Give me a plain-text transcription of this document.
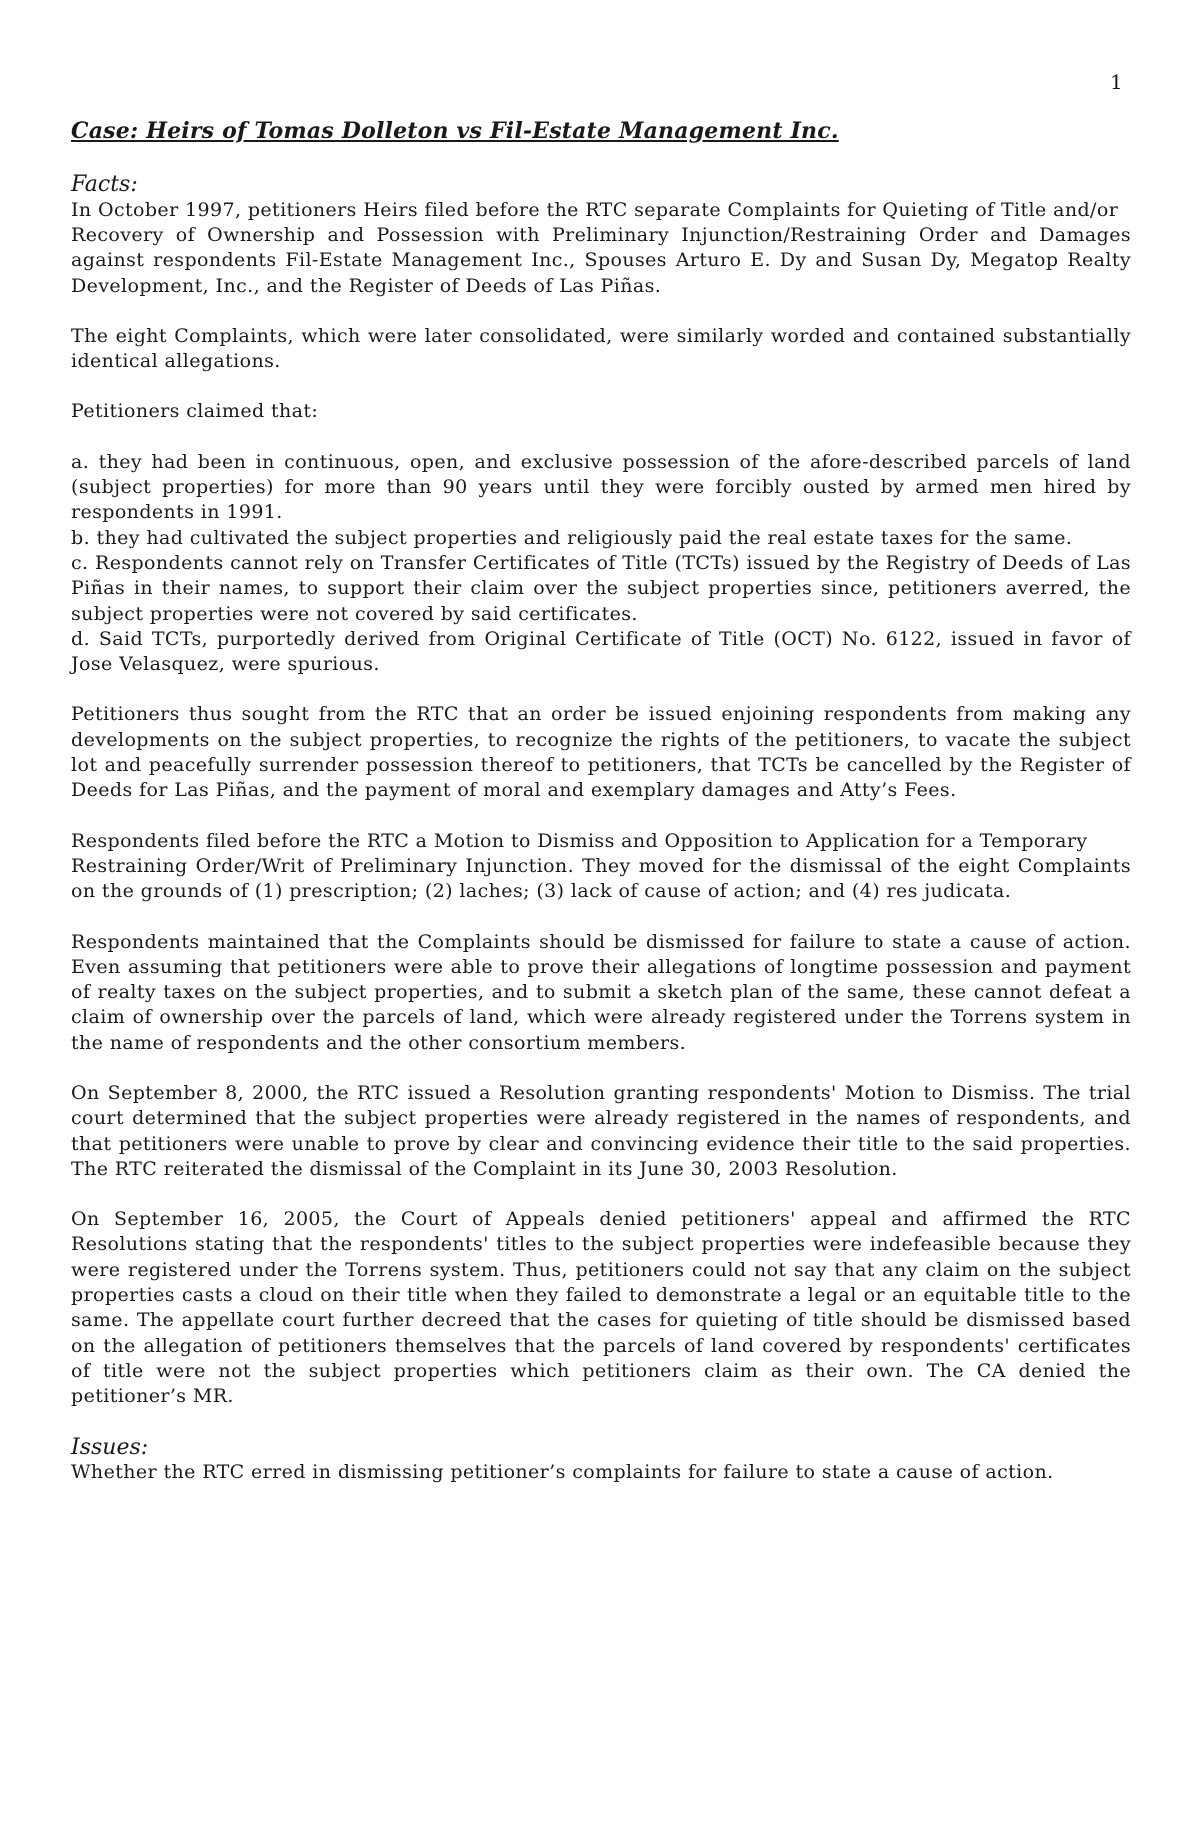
1
Case: Heirs of Tomas Dolleton vs Fil-Estate Management Inc.
Facts:

In October 1997, petitioners Heirs filed before the RTC separate Complaints for Quieting of Title and/or
Recovery of Ownership and Possession with Preliminary Injunction/Restraining Order and Damages against respondents Fil-Estate Management Inc., Spouses Arturo E. Dy and Susan Dy, Megatop Realty Development, Inc., and the Register of Deeds of Las Piñas.

The eight Complaints, which were later consolidated, were similarly worded and contained substantially identical allegations.

Petitioners claimed that:

a. they had been in continuous, open, and exclusive possession of the afore-described parcels of land (subject properties) for more than 90 years until they were forcibly ousted by armed men hired by respondents in 1991.

b. they had cultivated the subject properties and religiously paid the real estate taxes for the same.

c. Respondents cannot rely on Transfer Certificates of Title (TCTs) issued by the Registry of Deeds of Las Piñas in their names, to support their claim over the subject properties since, petitioners averred, the subject properties were not covered by said certificates.

d. Said TCTs, purportedly derived from Original Certificate of Title (OCT) No. 6122, issued in favor of Jose Velasquez, were spurious.

Petitioners thus sought from the RTC that an order be issued enjoining respondents from making any developments on the subject properties, to recognize the rights of the petitioners, to vacate the subject lot and peacefully surrender possession thereof to petitioners, that TCTs be cancelled by the Register of Deeds for Las Piñas, and the payment of moral and exemplary damages and Atty’s Fees.

Respondents filed before the RTC a Motion to Dismiss and Opposition to Application for a Temporary
Restraining Order/Writ of Preliminary Injunction. They moved for the dismissal of the eight Complaints on the grounds of (1) prescription; (2) laches; (3) lack of cause of action; and (4) res judicata.

Respondents maintained that the Complaints should be dismissed for failure to state a cause of action. Even assuming that petitioners were able to prove their allegations of longtime possession and payment of realty taxes on the subject properties, and to submit a sketch plan of the same, these cannot defeat a claim of ownership over the parcels of land, which were already registered under the Torrens system in the name of respondents and the other consortium members.

On September 8, 2000, the RTC issued a Resolution granting respondents' Motion to Dismiss. The trial court determined that the subject properties were already registered in the names of respondents, and that petitioners were unable to prove by clear and convincing evidence their title to the said properties. The RTC reiterated the dismissal of the Complaint in its June 30, 2003 Resolution.

On September 16, 2005, the Court of Appeals denied petitioners' appeal and affirmed the RTC Resolutions stating that the respondents' titles to the subject properties were indefeasible because they were registered under the Torrens system. Thus, petitioners could not say that any claim on the subject properties casts a cloud on their title when they failed to demonstrate a legal or an equitable title to the same. The appellate court further decreed that the cases for quieting of title should be dismissed based on the allegation of petitioners themselves that the parcels of land covered by respondents' certificates of title were not the subject properties which petitioners claim as their own. The CA denied the petitioner’s MR.

Issues:

Whether the RTC erred in dismissing petitioner’s complaints for failure to state a cause of action.
